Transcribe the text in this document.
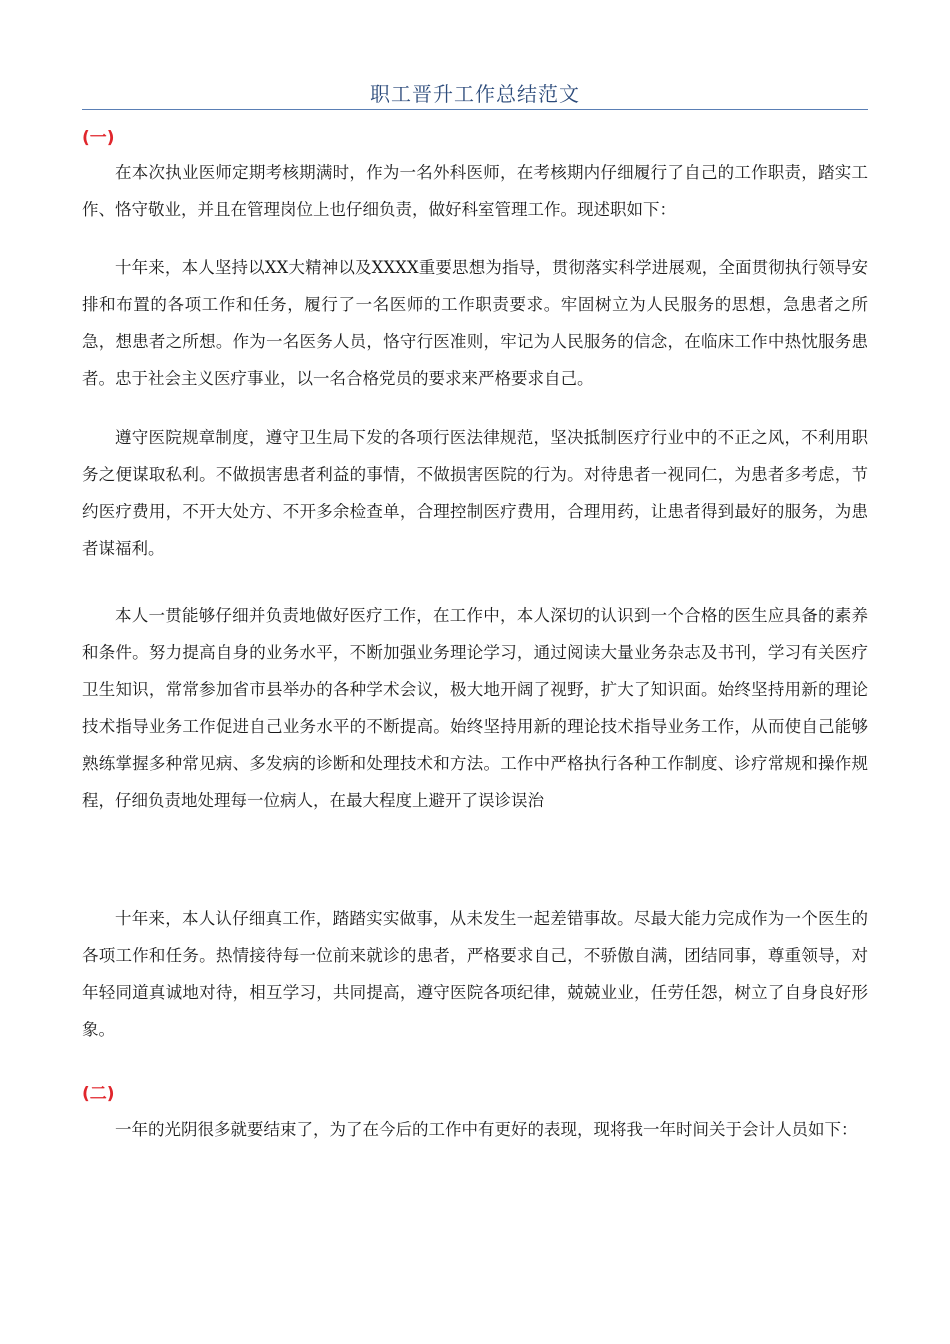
职工晋升工作总结范文
(一)

在本次执业医师定期考核期满时，作为一名外科医师，在考核期内仔细履行了自己的工作职责，踏实工作、恪守敬业，并且在管理岗位上也仔细负责，做好科室管理工作。现述职如下：

十年来，本人坚持以XX大精神以及XXXX重要思想为指导，贯彻落实科学进展观，全面贯彻执行领导安排和布置的各项工作和任务，履行了一名医师的工作职责要求。牢固树立为人民服务的思想，急患者之所急，想患者之所想。作为一名医务人员，恪守行医准则，牢记为人民服务的信念，在临床工作中热忱服务患者。忠于社会主义医疗事业，以一名合格党员的要求来严格要求自己。

遵守医院规章制度，遵守卫生局下发的各项行医法律规范，坚决抵制医疗行业中的不正之风，不利用职务之便谋取私利。不做损害患者利益的事情，不做损害医院的行为。对待患者一视同仁，为患者多考虑，节约医疗费用，不开大处方、不开多余检查单，合理控制医疗费用，合理用药，让患者得到最好的服务，为患者谋福利。

本人一贯能够仔细并负责地做好医疗工作，在工作中，本人深切的认识到一个合格的医生应具备的素养和条件。努力提高自身的业务水平，不断加强业务理论学习，通过阅读大量业务杂志及书刊，学习有关医疗卫生知识，常常参加省市县举办的各种学术会议，极大地开阔了视野，扩大了知识面。始终坚持用新的理论技术指导业务工作促进自己业务水平的不断提高。始终坚持用新的理论技术指导业务工作，从而使自己能够熟练掌握多种常见病、多发病的诊断和处理技术和方法。工作中严格执行各种工作制度、诊疗常规和操作规程，仔细负责地处理每一位病人，在最大程度上避开了误诊误治

十年来，本人认仔细真工作，踏踏实实做事，从未发生一起差错事故。尽最大能力完成作为一个医生的各项工作和任务。热情接待每一位前来就诊的患者，严格要求自己，不骄傲自满，团结同事，尊重领导，对年轻同道真诚地对待，相互学习，共同提高，遵守医院各项纪律，兢兢业业，任劳任怨，树立了自身良好形象。

(二)

一年的光阴很多就要结束了，为了在今后的工作中有更好的表现，现将我一年时间关于会计人员如下：
